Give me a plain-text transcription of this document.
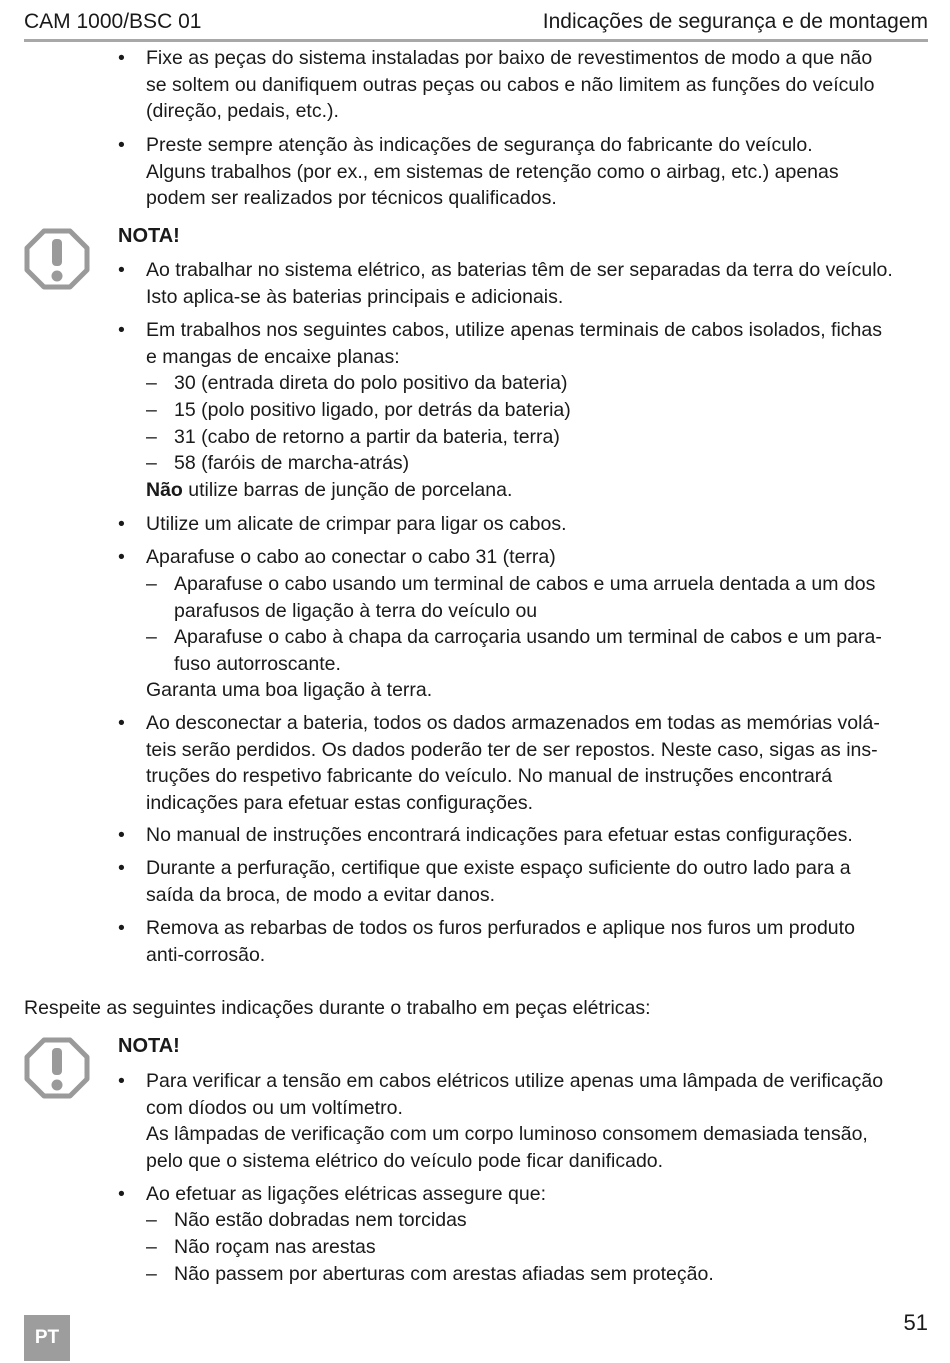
CAM 1000/BSC 01	Indicações de segurança e de montagem
• Fixe as peças do sistema instaladas por baixo de revestimentos de modo a que não
se soltem ou danifiquem outras peças ou cabos e não limitem as funções do veículo
(direção, pedais, etc.).
• Preste sempre atenção às indicações de segurança do fabricante do veículo.
Alguns trabalhos (por ex., em sistemas de retenção como o airbag, etc.) apenas
podem ser realizados por técnicos qualificados.
NOTA!
• Ao trabalhar no sistema elétrico, as baterias têm de ser separadas da terra do veículo.
Isto aplica-se às baterias principais e adicionais.
• Em trabalhos nos seguintes cabos, utilize apenas terminais de cabos isolados, fichas
e mangas de encaixe planas:
– 30 (entrada direta do polo positivo da bateria)
– 15 (polo positivo ligado, por detrás da bateria)
– 31 (cabo de retorno a partir da bateria, terra)
– 58 (faróis de marcha-atrás)
Não utilize barras de junção de porcelana.
• Utilize um alicate de crimpar para ligar os cabos.
• Aparafuse o cabo ao conectar o cabo 31 (terra)
– Aparafuse o cabo usando um terminal de cabos e uma arruela dentada a um dos
parafusos de ligação à terra do veículo ou
– Aparafuse o cabo à chapa da carroçaria usando um terminal de cabos e um para-
fuso autorroscante.
Garanta uma boa ligação à terra.
• Ao desconectar a bateria, todos os dados armazenados em todas as memórias volá-
teis serão perdidos. Os dados poderão ter de ser repostos. Neste caso, sigas as ins-
truções do respetivo fabricante do veículo. No manual de instruções encontrará
indicações para efetuar estas configurações.
• No manual de instruções encontrará indicações para efetuar estas configurações.
• Durante a perfuração, certifique que existe espaço suficiente do outro lado para a
saída da broca, de modo a evitar danos.
• Remova as rebarbas de todos os furos perfurados e aplique nos furos um produto
anti-corrosão.
Respeite as seguintes indicações durante o trabalho em peças elétricas:
NOTA!
• Para verificar a tensão em cabos elétricos utilize apenas uma lâmpada de verificação
com díodos ou um voltímetro.
As lâmpadas de verificação com um corpo luminoso consomem demasiada tensão,
pelo que o sistema elétrico do veículo pode ficar danificado.
• Ao efetuar as ligações elétricas assegure que:
– Não estão dobradas nem torcidas
– Não roçam nas arestas
– Não passem por aberturas com arestas afiadas sem proteção.
PT
51
